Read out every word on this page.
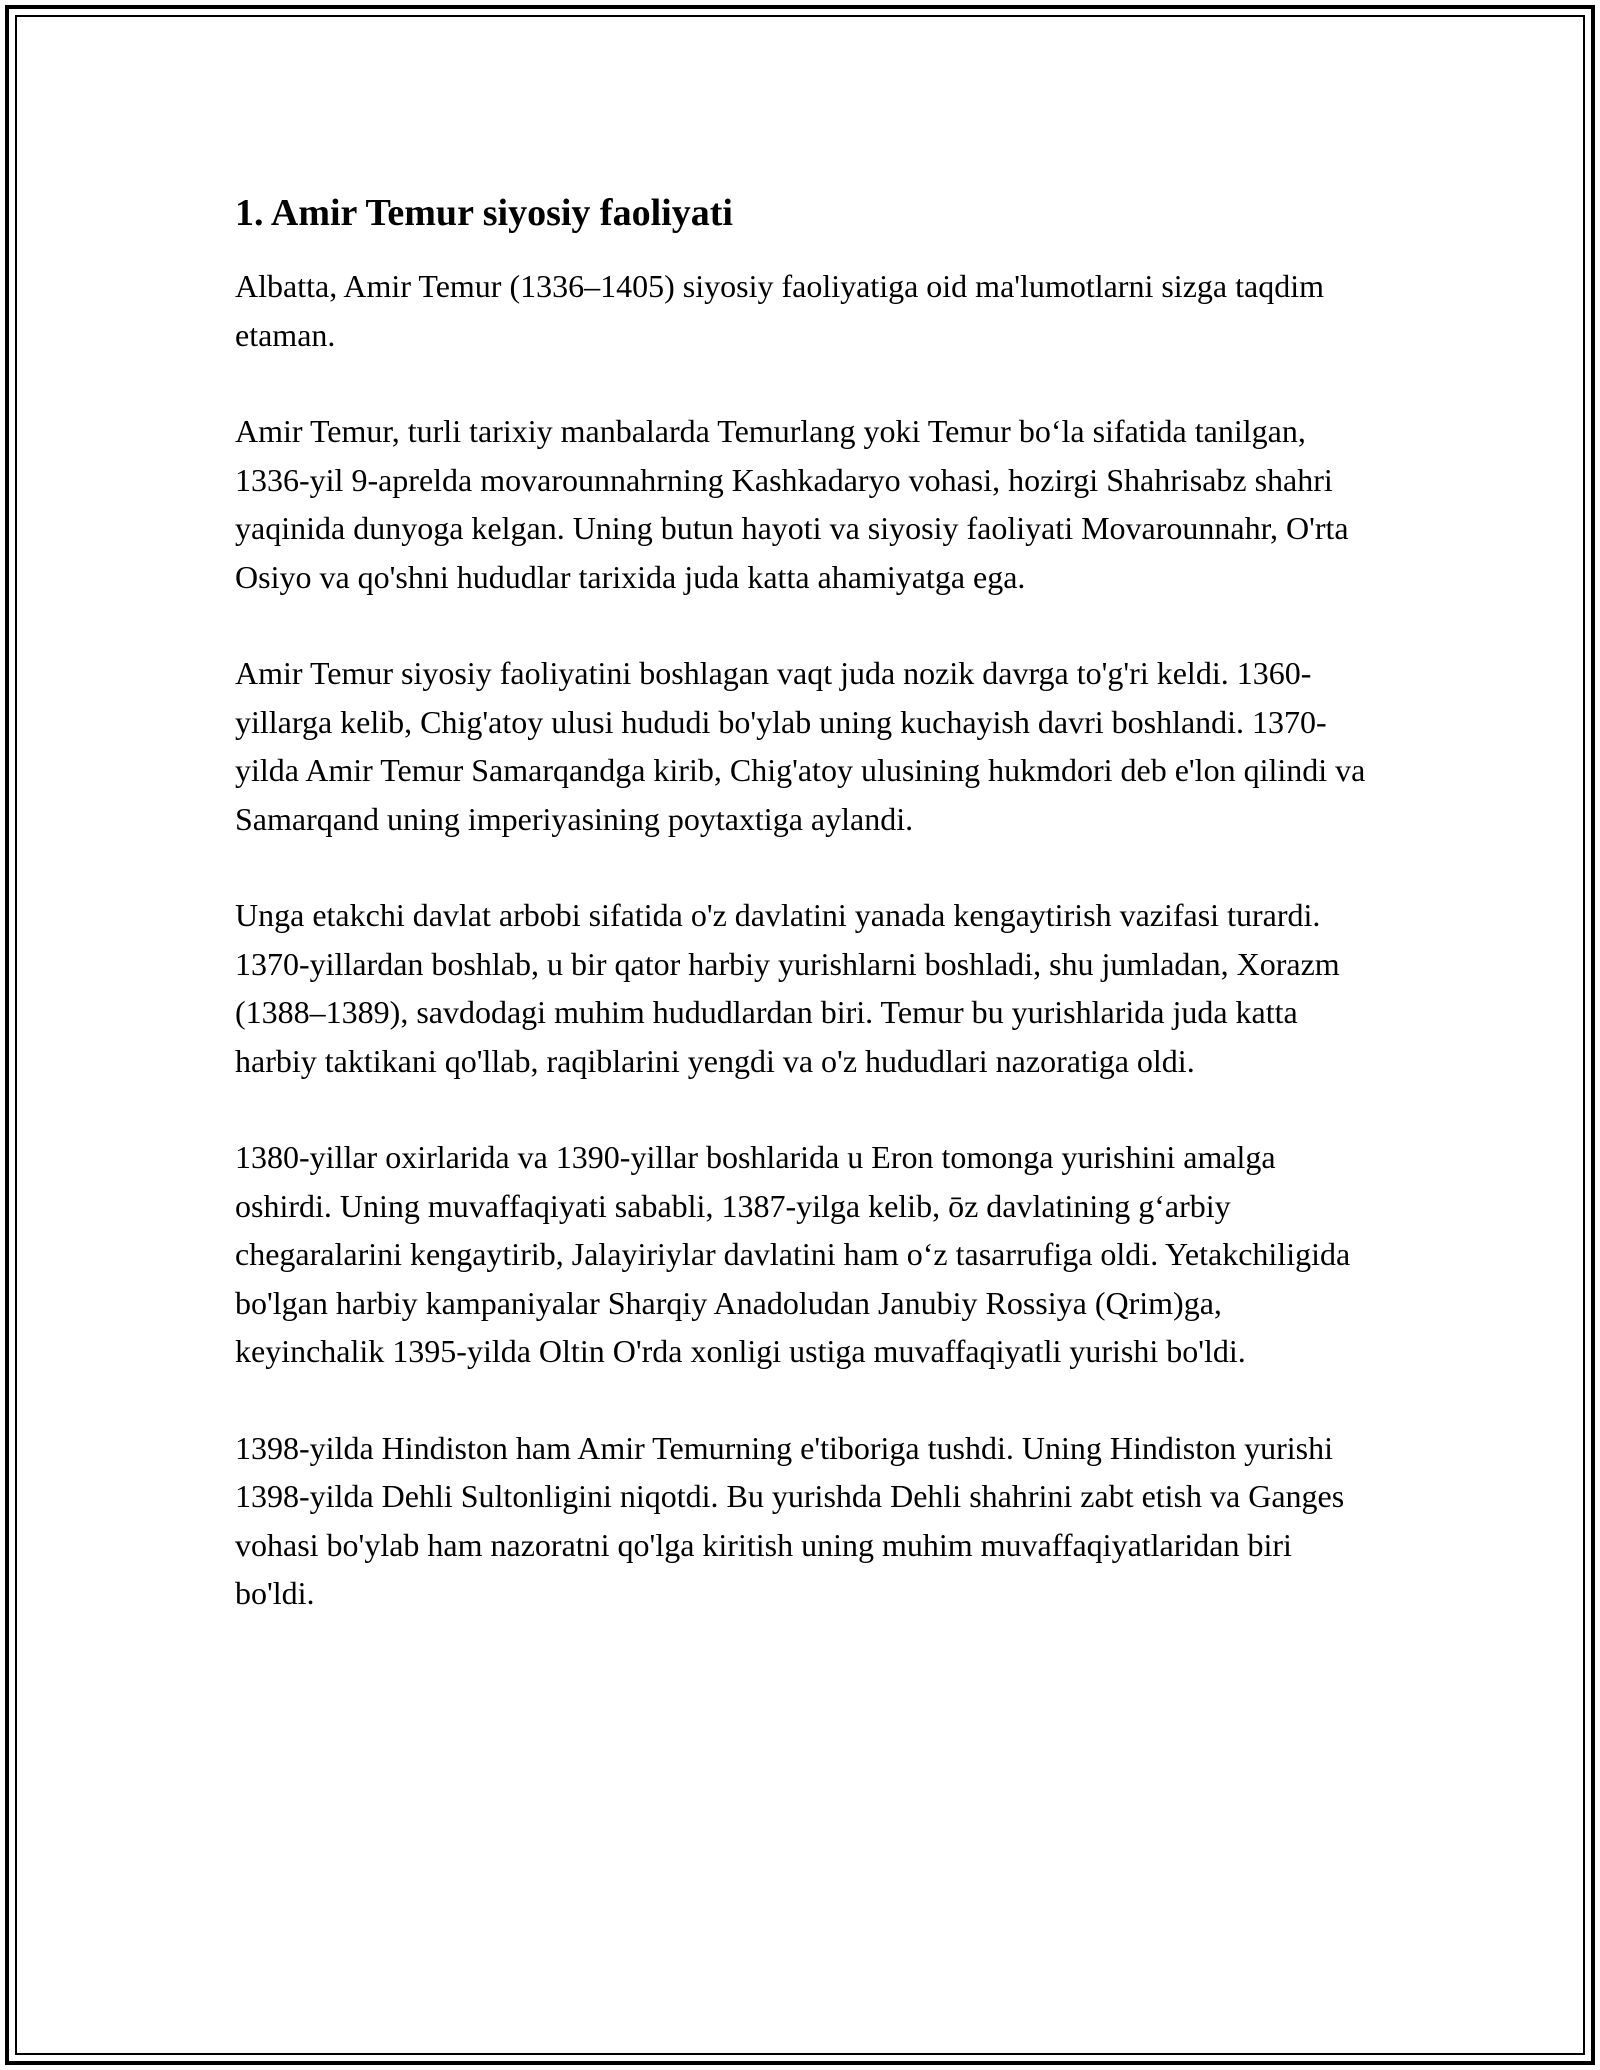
1. Amir Temur siyosiy faoliyati

Albatta, Amir Temur (1336–1405) siyosiy faoliyatiga oid ma'lumotlarni sizga taqdim etaman.

Amir Temur, turli tarixiy manbalarda Temurlang yoki Temur bo‘la sifatida tanilgan, 1336-yil 9-aprelda movarounnahrning Kashkadaryo vohasi, hozirgi Shahrisabz shahri yaqinida dunyoga kelgan. Uning butun hayoti va siyosiy faoliyati Movarounnahr, O'rta Osiyo va qo'shni hududlar tarixida juda katta ahamiyatga ega.

Amir Temur siyosiy faoliyatini boshlagan vaqt juda nozik davrga to'g'ri keldi. 1360-yillarga kelib, Chig'atoy ulusi hududi bo'ylab uning kuchayish davri boshlandi. 1370-yilda Amir Temur Samarqandga kirib, Chig'atoy ulusining hukmdori deb e'lon qilindi va Samarqand uning imperiyasining poytaxtiga aylandi.

Unga etakchi davlat arbobi sifatida o'z davlatini yanada kengaytirish vazifasi turardi. 1370-yillardan boshlab, u bir qator harbiy yurishlarni boshladi, shu jumladan, Xorazm (1388–1389), savdodagi muhim hududlardan biri. Temur bu yurishlarida juda katta harbiy taktikani qo'llab, raqiblarini yengdi va o'z hududlari nazoratiga oldi.

1380-yillar oxirlarida va 1390-yillar boshlarida u Eron tomonga yurishini amalga oshirdi. Uning muvaffaqiyati sababli, 1387-yilga kelib, ōz davlatining g‘arbiy chegaralarini kengaytirib, Jalayiriylar davlatini ham o‘z tasarrufiga oldi. Yetakchiligida bo'lgan harbiy kampaniyalar Sharqiy Anadoludan Janubiy Rossiya (Qrim)ga, keyinchalik 1395-yilda Oltin O'rda xonligi ustiga muvaffaqiyatli yurishi bo'ldi.

1398-yilda Hindiston ham Amir Temurning e'tiboriga tushdi. Uning Hindiston yurishi 1398-yilda Dehli Sultonligini niqotdi. Bu yurishda Dehli shahrini zabt etish va Ganges vohasi bo'ylab ham nazoratni qo'lga kiritish uning muhim muvaffaqiyatlaridan biri bo'ldi.
